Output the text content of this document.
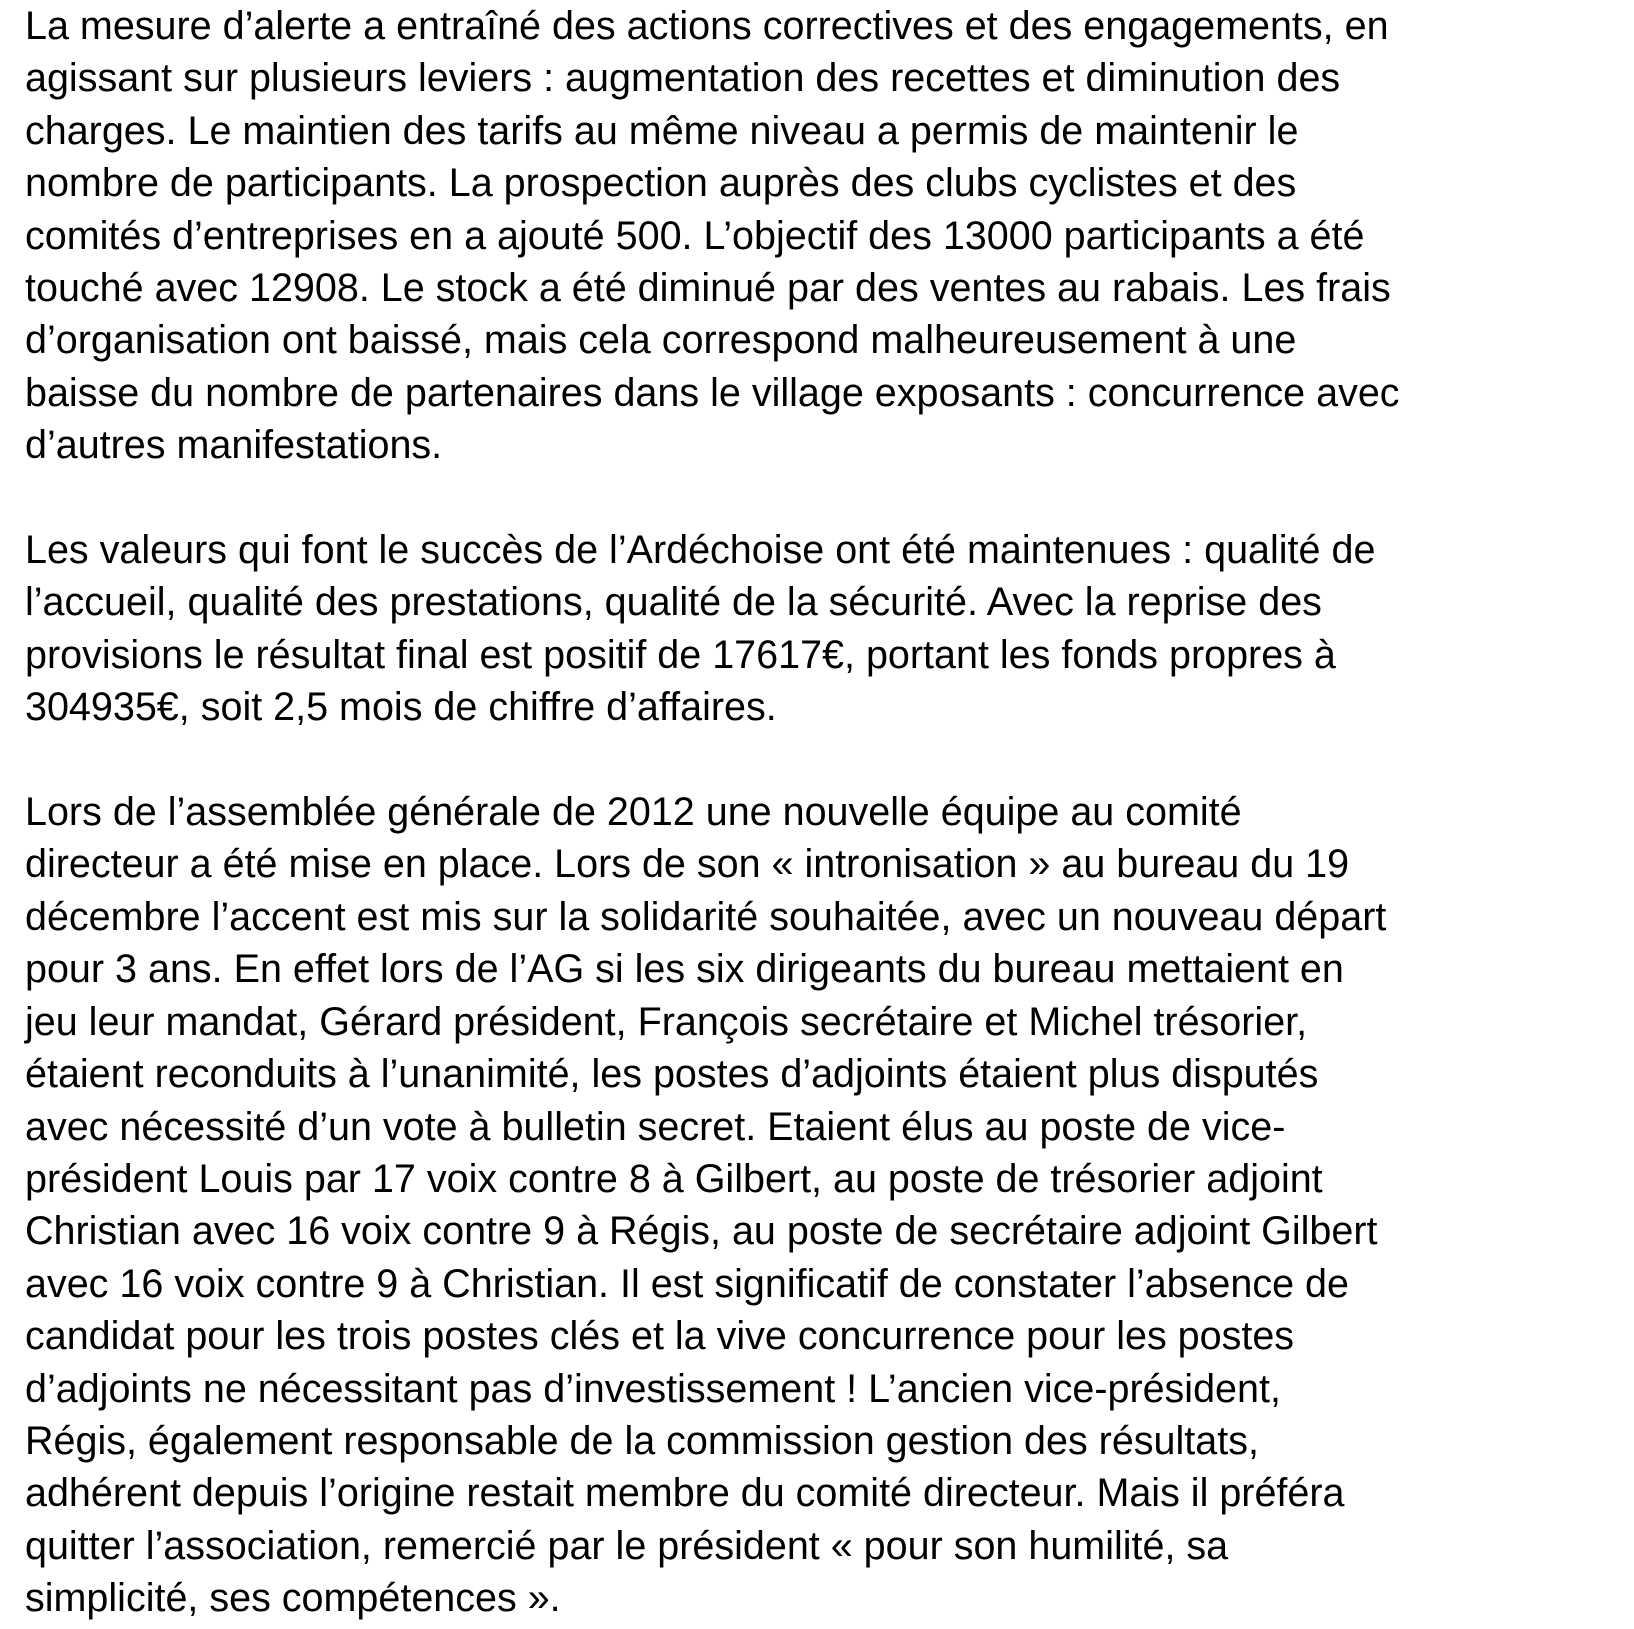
La mesure d’alerte a entraîné des actions correctives et des engagements, en
agissant sur plusieurs leviers : augmentation des recettes et diminution des
charges. Le maintien des tarifs au même niveau a permis de maintenir le
nombre de participants. La prospection auprès des clubs cyclistes et des
comités d’entreprises en a ajouté 500. L’objectif des 13000 participants a été
touché avec 12908. Le stock a été diminué par des ventes au rabais. Les frais
d’organisation ont baissé, mais cela correspond malheureusement à une
baisse du nombre de partenaires dans le village exposants : concurrence avec
d’autres manifestations.
Les valeurs qui font le succès de l’Ardéchoise ont été maintenues : qualité de
l’accueil, qualité des prestations, qualité de la sécurité. Avec la reprise des
provisions le résultat final est positif de 17617€, portant les fonds propres à
304935€, soit 2,5 mois de chiffre d’affaires.
Lors de l’assemblée générale de 2012 une nouvelle équipe au comité
directeur a été mise en place. Lors de son « intronisation » au bureau du 19
décembre l’accent est mis sur la solidarité souhaitée, avec un nouveau départ
pour 3 ans. En effet lors de l’AG si les six dirigeants du bureau mettaient en
jeu leur mandat, Gérard président, François secrétaire et Michel trésorier,
étaient reconduits à l’unanimité, les postes d’adjoints étaient plus disputés
avec nécessité d’un vote à bulletin secret. Etaient élus au poste de vice-
président Louis par 17 voix contre 8 à Gilbert, au poste de trésorier adjoint
Christian avec 16 voix contre 9 à Régis, au poste de secrétaire adjoint Gilbert
avec 16 voix contre 9 à Christian. Il est significatif de constater l’absence de
candidat pour les trois postes clés et la vive concurrence pour les postes
d’adjoints ne nécessitant pas d’investissement ! L’ancien vice-président,
Régis, également responsable de la commission gestion des résultats,
adhérent depuis l’origine restait membre du comité directeur. Mais il préféra
quitter l’association, remercié par le président « pour son humilité, sa
simplicité, ses compétences ».
